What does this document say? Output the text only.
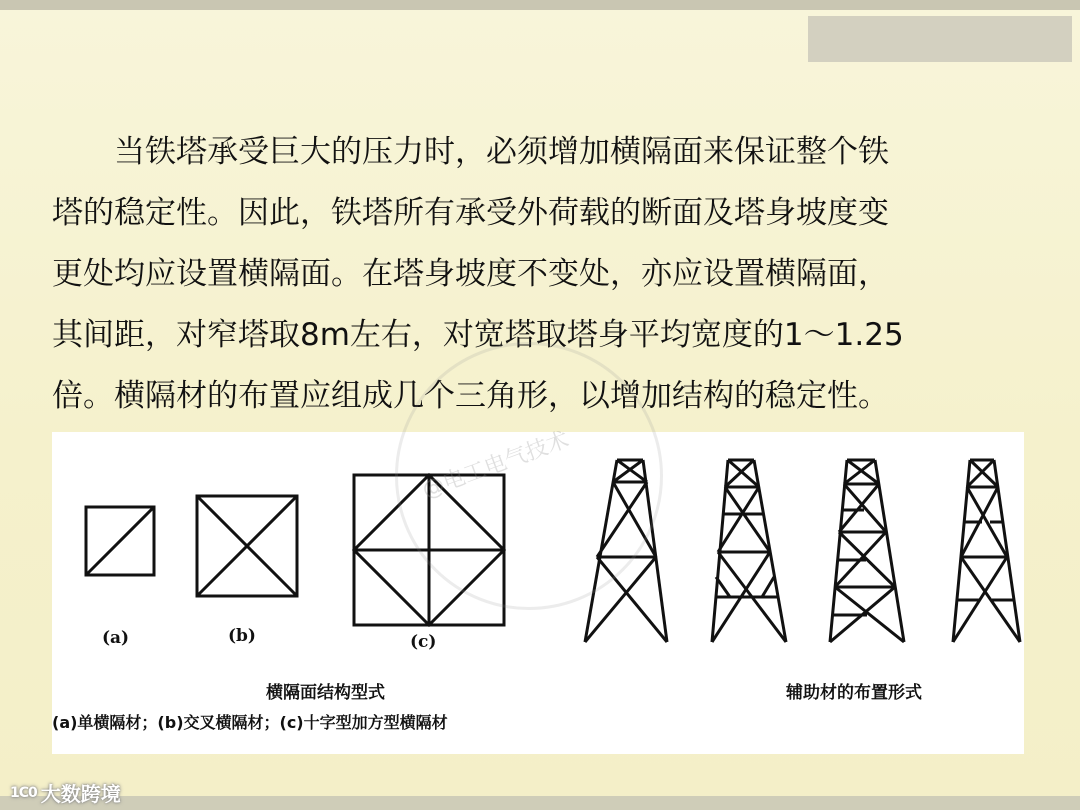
当铁塔承受巨大的压力时，必须增加横隔面来保证整个铁
塔的稳定性。因此，铁塔所有承受外荷载的断面及塔身坡度变
更处均应设置横隔面。在塔身坡度不变处，亦应设置横隔面，
其间距，对窄塔取8m左右，对宽塔取塔身平均宽度的1～1.25
倍。横隔材的布置应组成几个三角形，以增加结构的稳定性。
(a)	(b)	(c)
横隔面结构型式	辅助材的布置形式
(a)单横隔材；(b)交叉横隔材；(c)十字型加方型横隔材
@电工电气技术
1C0 大数跨境
